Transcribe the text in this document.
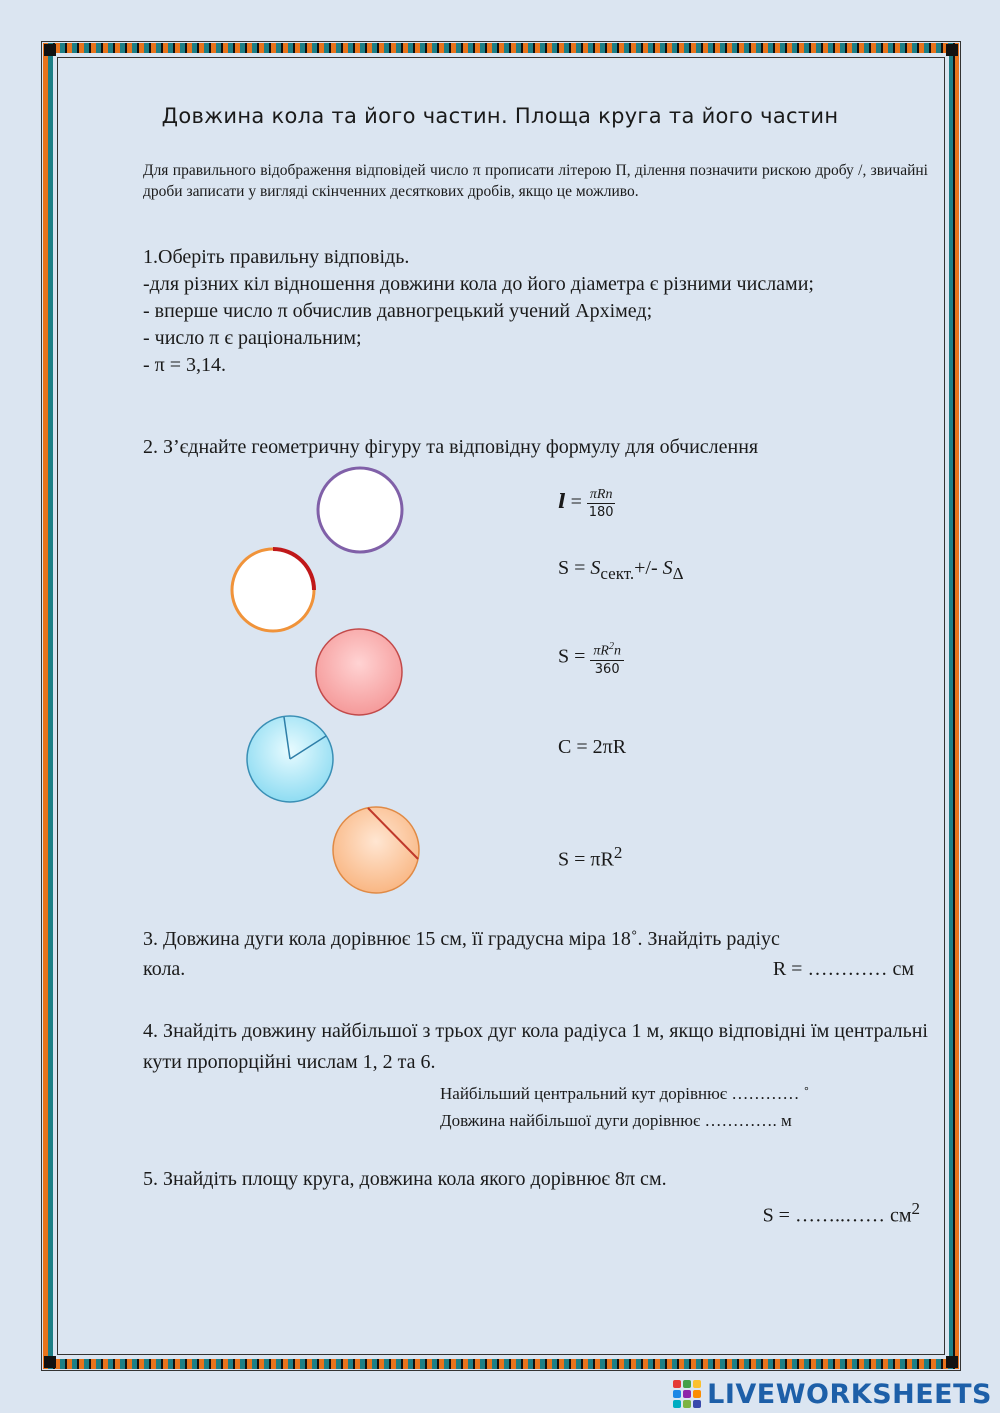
Довжина кола та його частин. Площа круга та його частин
Для правильного відображення відповідей число π прописати літерою П, ділення позначити рискою дробу /, звичайні дроби записати у вигляді скінченних десяткових дробів, якщо це можливо.
1.Оберіть правильну відповідь.
-для різних кіл відношення довжини кола до його діаметра є різними числами;
- вперше число π обчислив давногрецький учений Архімед;
- число π є раціональним;
- π = 3,14.
2. З’єднайте геометричну фігуру та відповідну формулу для обчислення
𝒍 = $\frac{\text{πRn}}{180}$
$S = S_{сект.}+/-$ $S_\Delta$
$S = \frac{\pi R^2n}{360}$
C = 2πR
$S = \pi R^2$
3. Довжина дуги кола дорівнює 15 см, її градусна міра 18˚. Знайдіть радіус
кола.	R = ………… см
4. Знайдіть довжину найбільшої з трьох дуг кола радіуса 1 м, якщо відповідні їм центральні кути пропорційні числам 1, 2 та 6.
Найбільший центральний кут дорівнює ………… ˚
Довжина найбільшої дуги дорівнює …………. м
5. Знайдіть площу круга, довжина кола якого дорівнює 8π см.
S = ……..…… $см^2$
LIVEWORKSHEETS
